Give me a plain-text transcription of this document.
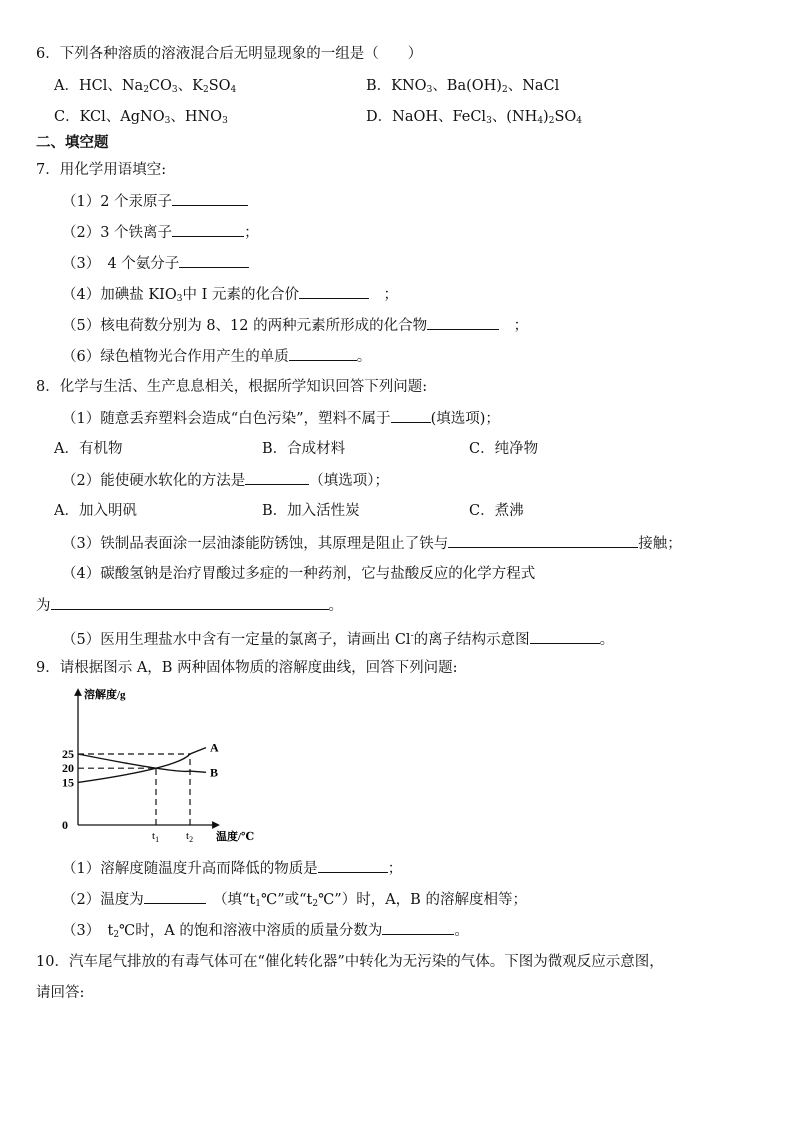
6．下列各种溶质的溶液混合后无明显现象的一组是（　　）
A．HCl、$Na_2CO_3$、$K_2SO_4$	B．$KNO_3$、$Ba(OH)_2$、NaCl
C．KCl、AgNO$_3$、$HNO_3$	D．NaOH、FeCl$_3$、$(NH_4)_2SO_4$
二、填空题
7．用化学用语填空:
（1）2 个汞原子
（2）3 个铁离子	；
（3）　4 个氨分子
（4）加碘盐 $KIO_3$中 I 元素的化合价	　；
（5）核电荷数分别为 8、12 的两种元素所形成的化合物	　；
（6）绿色植物光合作用产生的单质	。
8．化学与生活、生产息息相关，根据所学知识回答下列问题:
（1）随意丢弃塑料会造成“白色污染”，塑料不属于	(填选项)；
A．有机物	B．合成材料	C．纯净物
（2）能使硬水软化的方法是	（填选项）；
A．加入明矾	B．加入活性炭	C．煮沸
（3）铁制品表面涂一层油漆能防锈蚀，其原理是阻止了铁与	接触；
（4）碳酸氢钠是治疗胃酸过多症的一种药剂，它与盐酸反应的化学方程式
为	。
（5）医用生理盐水中含有一定量的氯离子，请画出 Cl-的离子结构示意图	。
9．请根据图示 A，B 两种固体物质的溶解度曲线，回答下列问题:
溶解度/g
温度/℃
0
15
20
25
$t_1$ $t_2$
A
B
（1）溶解度随温度升高而降低的物质是	；
（2）温度为　	（填“$t_1℃$”或“$t_2℃$”）时，A，B 的溶解度相等；
（3）　$t_2℃$时，A 的饱和溶液中溶质的质量分数为	。
10．汽车尾气排放的有毒气体可在“催化转化器”中转化为无污染的气体。下图为微观反应示意图，
请回答:
